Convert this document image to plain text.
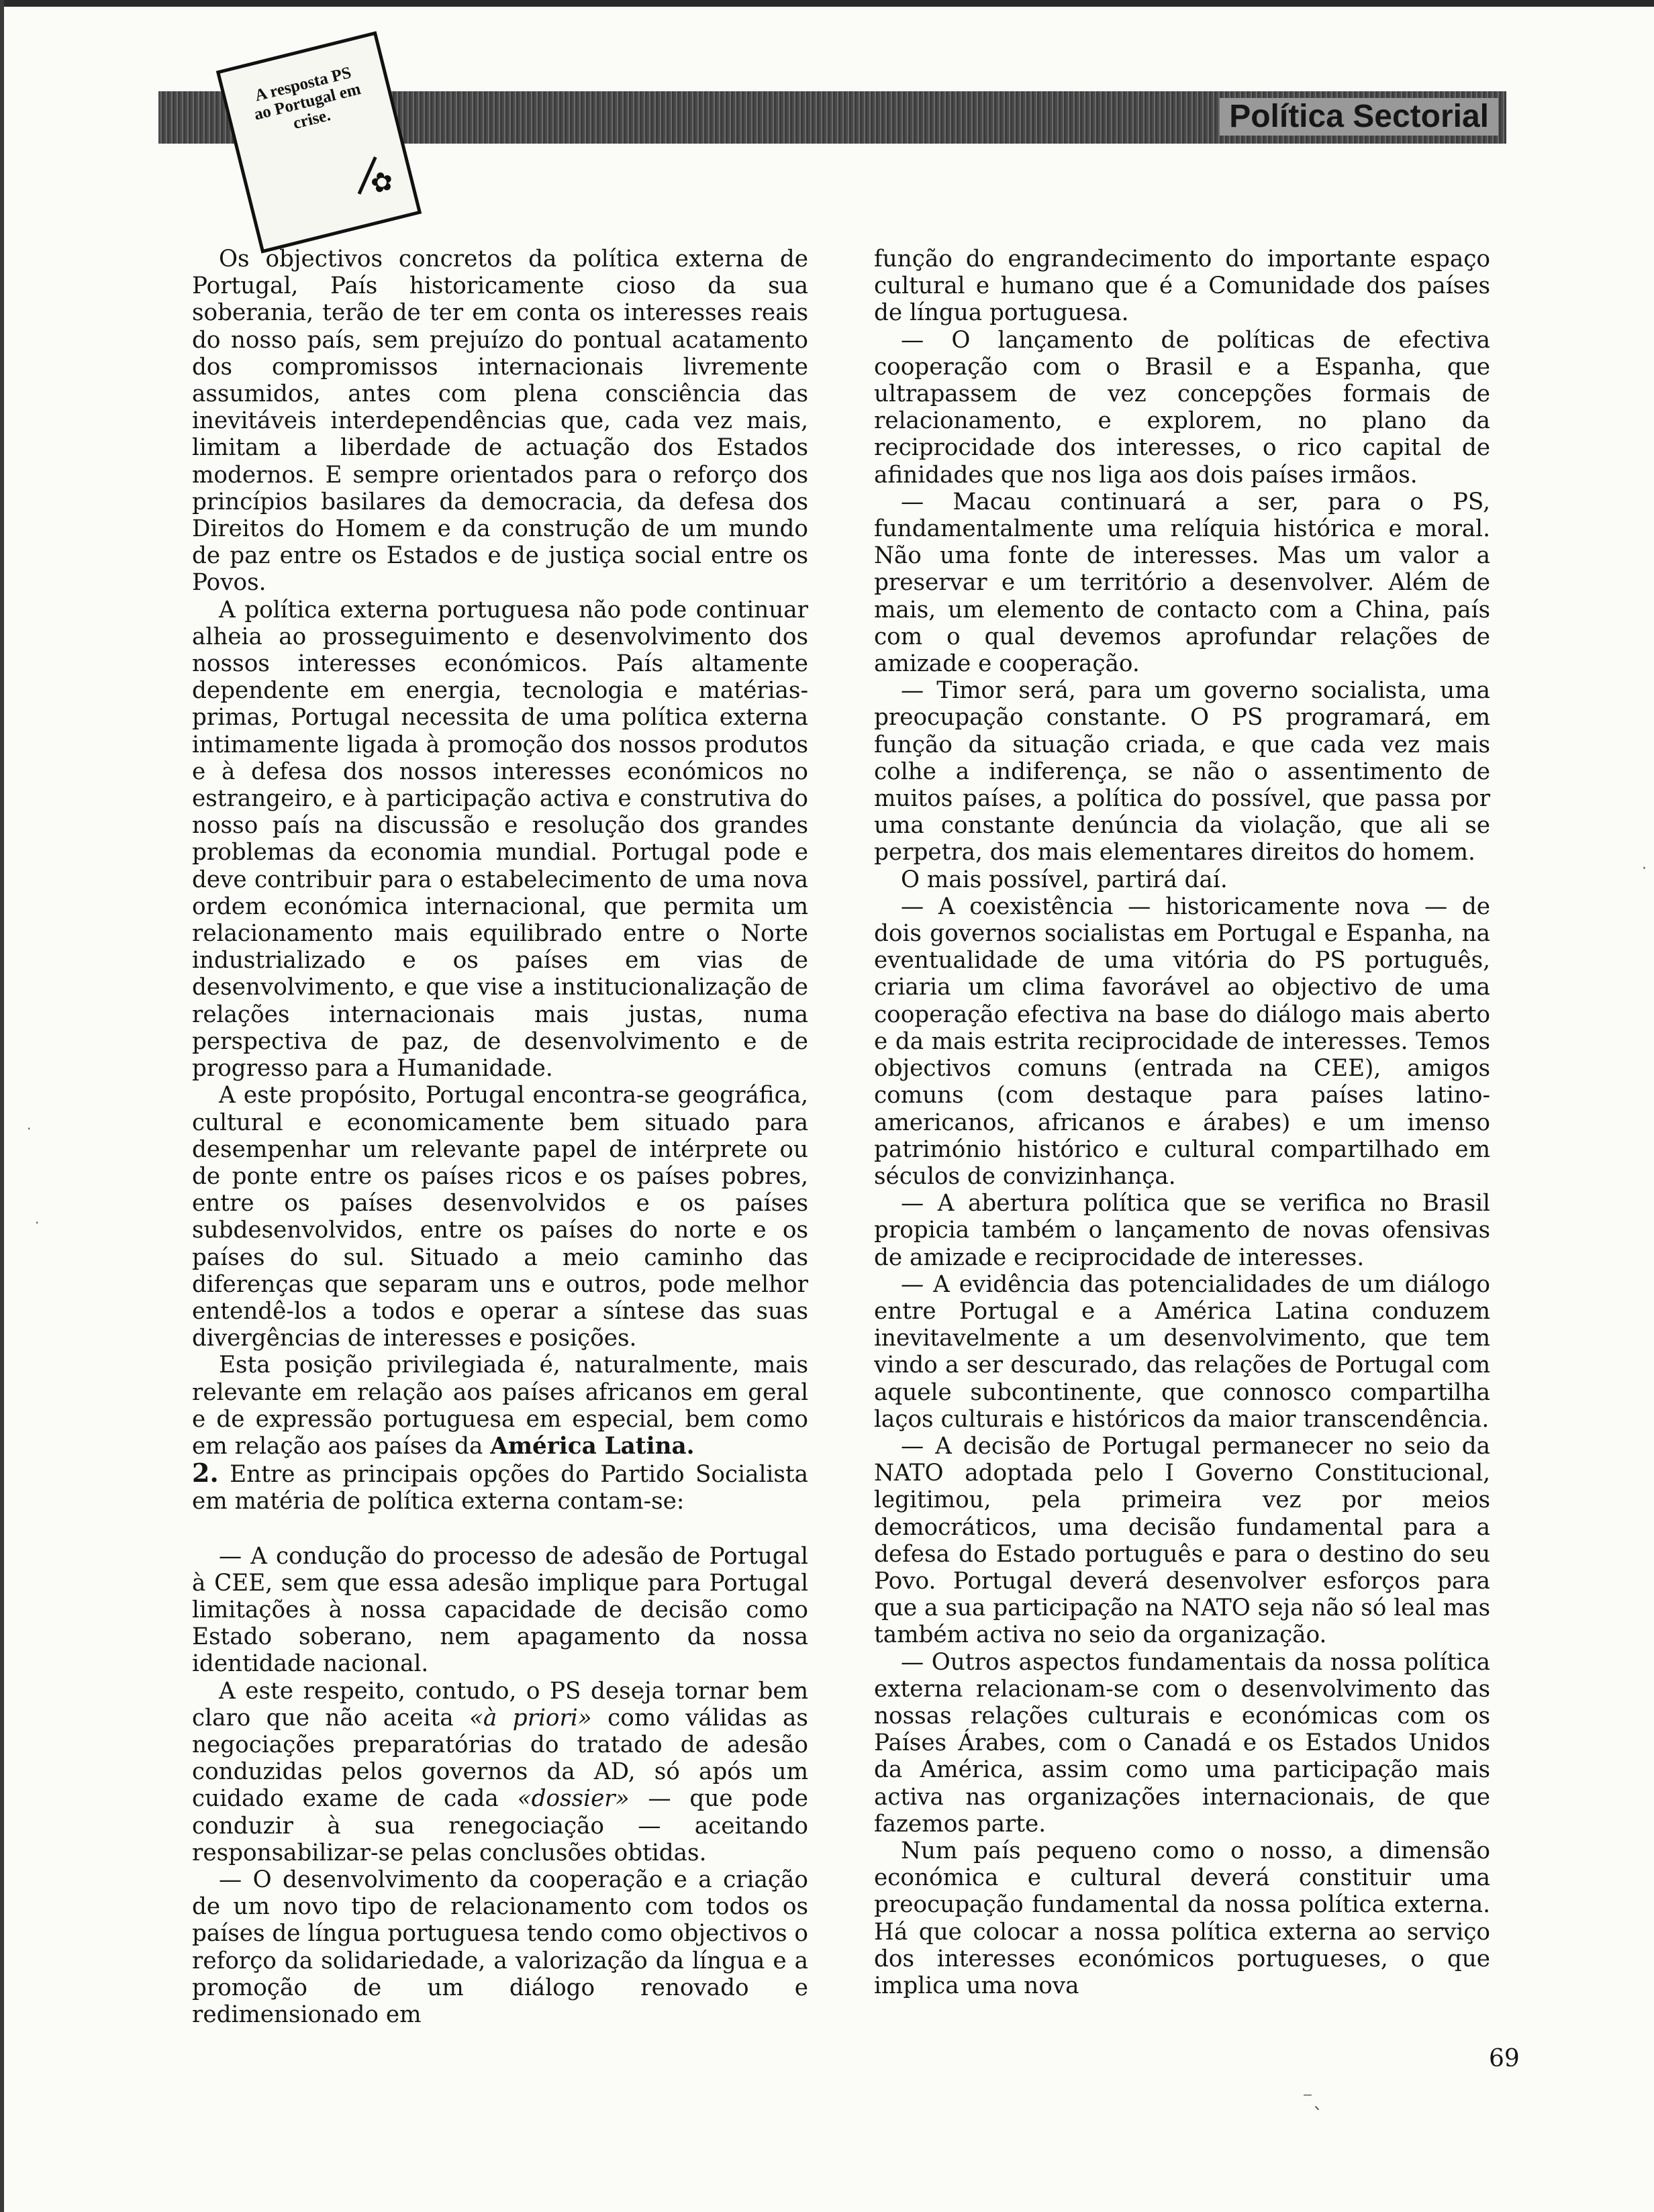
Política Sectorial
A resposta PS ao Portugal em crise.
✿

Os objectivos concretos da política externa de Portugal, País historicamente cioso da sua soberania, terão de ter em conta os interesses reais do nosso país, sem prejuízo do pontual acatamento dos compromissos internacionais livremente assumidos, antes com plena consciência das inevitáveis interdependências que, cada vez mais, limitam a liberdade de actuação dos Estados modernos. E sempre orientados para o reforço dos princípios basilares da democracia, da defesa dos Direitos do Homem e da construção de um mundo de paz entre os Estados e de justiça social entre os Povos.

A política externa portuguesa não pode continuar alheia ao prosseguimento e desenvolvimento dos nossos interesses económicos. País altamente dependente em energia, tecnologia e matérias-primas, Portugal necessita de uma política externa intimamente ligada à promoção dos nossos produtos e à defesa dos nossos interesses económicos no estrangeiro, e à participação activa e construtiva do nosso país na discussão e resolução dos grandes problemas da economia mundial. Portugal pode e deve contribuir para o estabelecimento de uma nova ordem económica internacional, que permita um relacionamento mais equilibrado entre o Norte industrializado e os países em vias de desenvolvimento, e que vise a institucionalização de relações internacionais mais justas, numa perspectiva de paz, de desenvolvimento e de progresso para a Humanidade.

A este propósito, Portugal encontra-se geográfica, cultural e economicamente bem situado para desempenhar um relevante papel de intérprete ou de ponte entre os países ricos e os países pobres, entre os países desenvolvidos e os países subdesenvolvidos, entre os países do norte e os países do sul. Situado a meio caminho das diferenças que separam uns e outros, pode melhor entendê-los a todos e operar a síntese das suas divergências de interesses e posições.

Esta posição privilegiada é, naturalmente, mais relevante em relação aos países africanos em geral e de expressão portuguesa em especial, bem como em relação aos países da América Latina.

2. Entre as principais opções do Partido Socialista em matéria de política externa contam-se:

— A condução do processo de adesão de Portugal à CEE, sem que essa adesão implique para Portugal limitações à nossa capacidade de decisão como Estado soberano, nem apagamento da nossa identidade nacional.

A este respeito, contudo, o PS deseja tornar bem claro que não aceita «à priori» como válidas as negociações preparatórias do tratado de adesão conduzidas pelos governos da AD, só após um cuidado exame de cada «dossier» — que pode conduzir à sua renegociação — aceitando responsabilizar-se pelas conclusões obtidas.

— O desenvolvimento da cooperação e a criação de um novo tipo de relacionamento com todos os países de língua portuguesa tendo como objectivos o reforço da solidariedade, a valorização da língua e a promoção de um diálogo renovado e redimensionado em

função do engrandecimento do importante espaço cultural e humano que é a Comunidade dos países de língua portuguesa.

— O lançamento de políticas de efectiva cooperação com o Brasil e a Espanha, que ultrapassem de vez concepções formais de relacionamento, e explorem, no plano da reciprocidade dos interesses, o rico capital de afinidades que nos liga aos dois países irmãos.

— Macau continuará a ser, para o PS, fundamentalmente uma relíquia histórica e moral. Não uma fonte de interesses. Mas um valor a preservar e um território a desenvolver. Além de mais, um elemento de contacto com a China, país com o qual devemos aprofundar relações de amizade e cooperação.

— Timor será, para um governo socialista, uma preocupação constante. O PS programará, em função da situação criada, e que cada vez mais colhe a indiferença, se não o assentimento de muitos países, a política do possível, que passa por uma constante denúncia da violação, que ali se perpetra, dos mais elementares direitos do homem.

O mais possível, partirá daí.

— A coexistência — historicamente nova — de dois governos socialistas em Portugal e Espanha, na eventualidade de uma vitória do PS português, criaria um clima favorável ao objectivo de uma cooperação efectiva na base do diálogo mais aberto e da mais estrita reciprocidade de interesses. Temos objectivos comuns (entrada na CEE), amigos comuns (com destaque para países latino-americanos, africanos e árabes) e um imenso património histórico e cultural compartilhado em séculos de convizinhança.

— A abertura política que se verifica no Brasil propicia também o lançamento de novas ofensivas de amizade e reciprocidade de interesses.

— A evidência das potencialidades de um diálogo entre Portugal e a América Latina conduzem inevitavelmente a um desenvolvimento, que tem vindo a ser descurado, das relações de Portugal com aquele subcontinente, que connosco compartilha laços culturais e históricos da maior transcendência.

— A decisão de Portugal permanecer no seio da NATO adoptada pelo I Governo Constitucional, legitimou, pela primeira vez por meios democráticos, uma decisão fundamental para a defesa do Estado português e para o destino do seu Povo. Portugal deverá desenvolver esforços para que a sua participação na NATO seja não só leal mas também activa no seio da organização.

— Outros aspectos fundamentais da nossa política externa relacionam-se com o desenvolvimento das nossas relações culturais e económicas com os Países Árabes, com o Canadá e os Estados Unidos da América, assim como uma participação mais activa nas organizações internacionais, de que fazemos parte.

Num país pequeno como o nosso, a dimensão económica e cultural deverá constituir uma preocupação fundamental da nossa política externa. Há que colocar a nossa política externa ao serviço dos interesses económicos portugueses, o que implica uma nova

69
⁻ˎ
·
·
·
